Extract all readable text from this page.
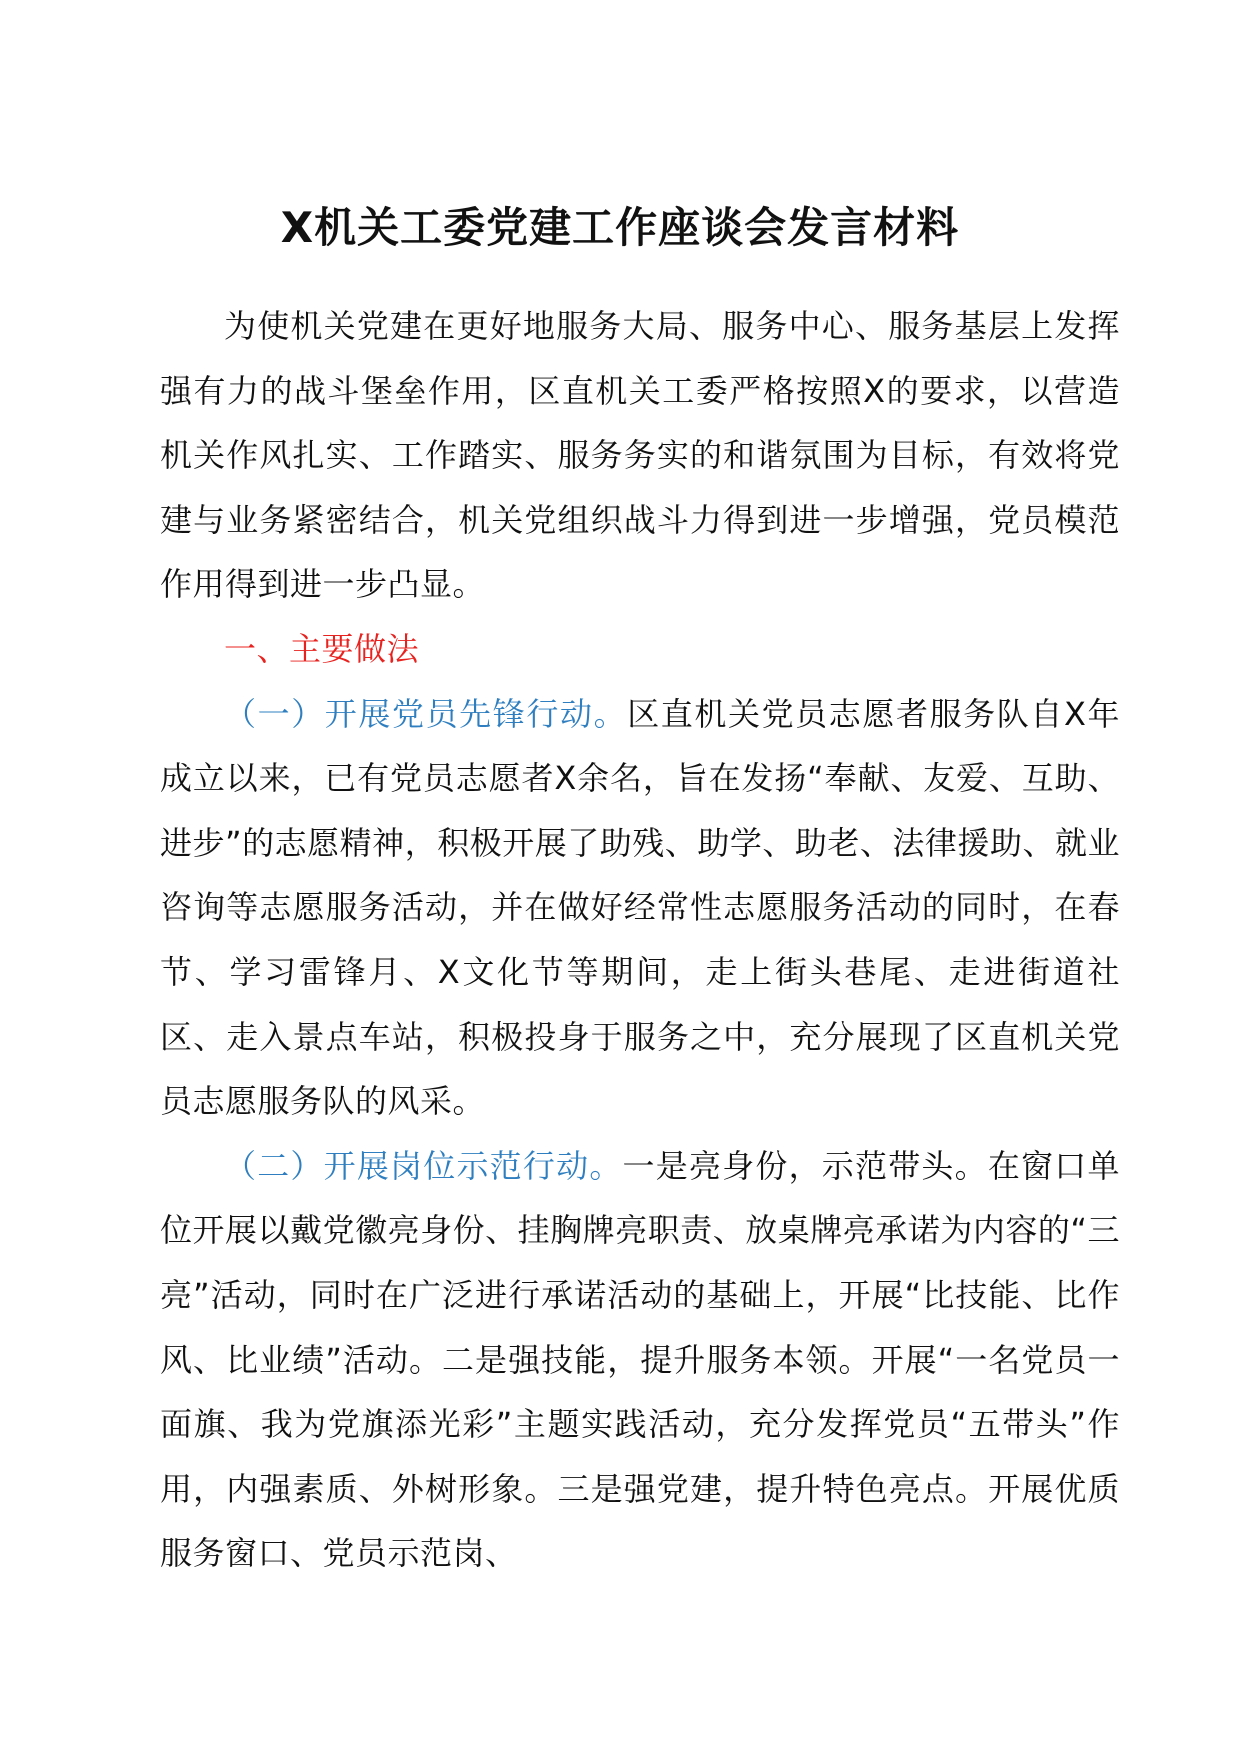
X机关工委党建工作座谈会发言材料

为使机关党建在更好地服务大局、服务中心、服务基层上发挥强有力的战斗堡垒作用，区直机关工委严格按照X的要求，以营造机关作风扎实、工作踏实、服务务实的和谐氛围为目标，有效将党建与业务紧密结合，机关党组织战斗力得到进一步增强，党员模范作用得到进一步凸显。

一、主要做法

（一）开展党员先锋行动。区直机关党员志愿者服务队自X年成立以来，已有党员志愿者X余名，旨在发扬“奉献、友爱、互助、进步”的志愿精神，积极开展了助残、助学、助老、法律援助、就业咨询等志愿服务活动，并在做好经常性志愿服务活动的同时，在春节、学习雷锋月、X文化节等期间，走上街头巷尾、走进街道社区、走入景点车站，积极投身于服务之中，充分展现了区直机关党员志愿服务队的风采。

（二）开展岗位示范行动。一是亮身份，示范带头。在窗口单位开展以戴党徽亮身份、挂胸牌亮职责、放桌牌亮承诺为内容的“三亮”活动，同时在广泛进行承诺活动的基础上，开展“比技能、比作风、比业绩”活动。二是强技能，提升服务本领。开展“一名党员一面旗、我为党旗添光彩”主题实践活动，充分发挥党员“五带头”作用，内强素质、外树形象。三是强党建，提升特色亮点。开展优质服务窗口、党员示范岗、
